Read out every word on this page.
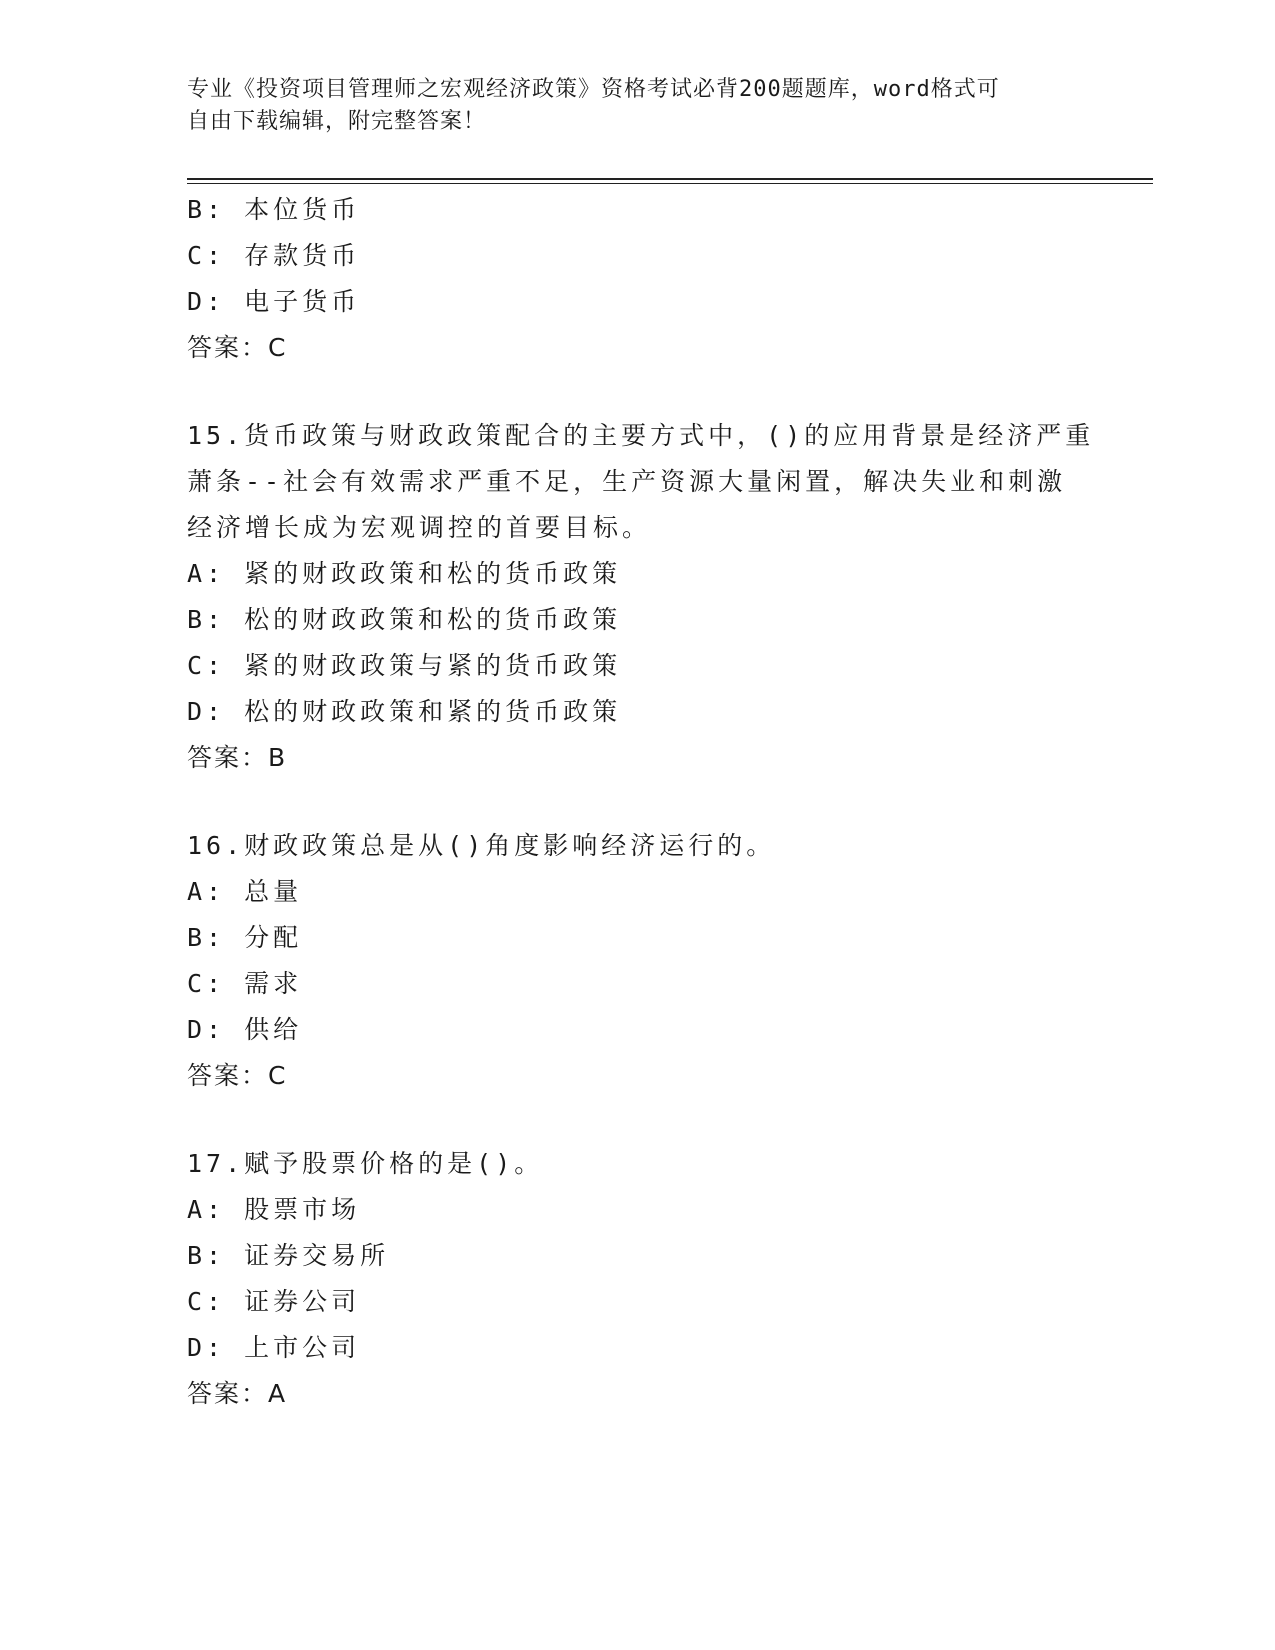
专业《投资项目管理师之宏观经济政策》资格考试必背200题题库，word格式可
自由下载编辑，附完整答案！
B: 本位货币
C: 存款货币
D: 电子货币
答案：C
15.货币政策与财政政策配合的主要方式中，()的应用背景是经济严重
萧条--社会有效需求严重不足，生产资源大量闲置，解决失业和刺激
经济增长成为宏观调控的首要目标。
A: 紧的财政政策和松的货币政策
B: 松的财政政策和松的货币政策
C: 紧的财政政策与紧的货币政策
D: 松的财政政策和紧的货币政策
答案：B
16.财政政策总是从()角度影响经济运行的。
A: 总量
B: 分配
C: 需求
D: 供给
答案：C
17.赋予股票价格的是()。
A: 股票市场
B: 证券交易所
C: 证券公司
D: 上市公司
答案：A
